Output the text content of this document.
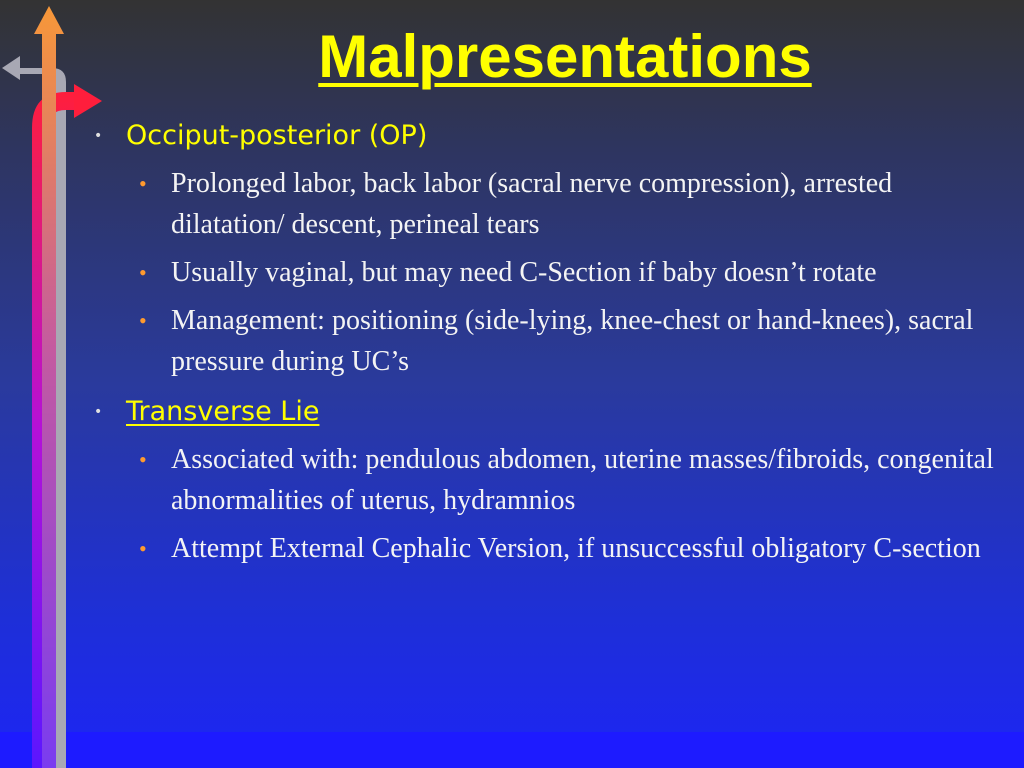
Malpresentations
• Occiput-posterior (OP)
• Prolonged labor, back labor (sacral nerve compression), arrested dilatation/ descent, perineal tears
• Usually vaginal, but may need C-Section if baby doesn’t rotate
• Management: positioning (side-lying, knee-chest or hand-knees), sacral pressure during UC’s
• Transverse Lie
• Associated with: pendulous abdomen, uterine masses/fibroids, congenital abnormalities of uterus, hydramnios
• Attempt External Cephalic Version, if unsuccessful obligatory C-section
